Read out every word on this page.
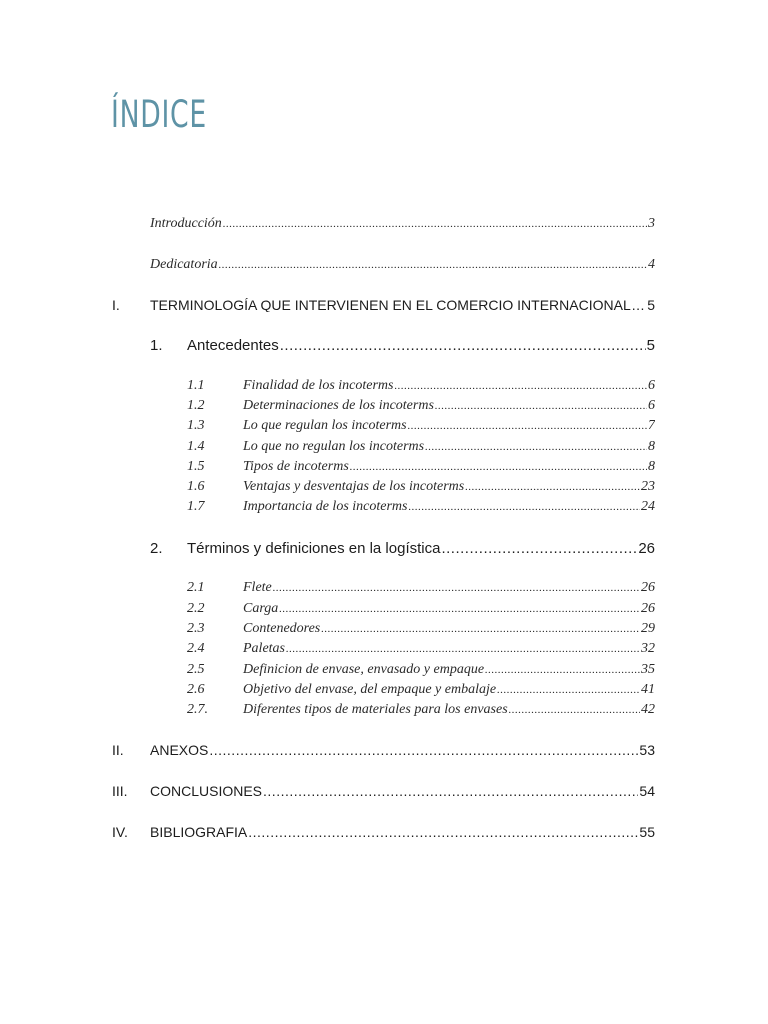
ÍNDICE
Introducción .....	3
Dedicatoria .....	4
I.	TERMINOLOGÍA QUE INTERVIENEN EN EL COMERCIO INTERNACIONAL ..... 5
1.	Antecedentes .....	5
1.1	Finalidad de los incoterms .....	6
1.2	Determinaciones de los incoterms .....	6
1.3	Lo que regulan los incoterms .....	7
1.4	Lo que no regulan los incoterms .....	8
1.5	Tipos de incoterms .....	8
1.6	Ventajas y desventajas de los incoterms .....	23
1.7	Importancia de los incoterms .....	24
2.	Términos y definiciones en la logística .....	26
2.1	Flete .....	26
2.2	Carga .....	26
2.3	Contenedores .....	29
2.4	Paletas .....	32
2.5	Definicion de envase, envasado y empaque .....	35
2.6	Objetivo del envase, del empaque y embalaje .....	41
2.7.	Diferentes tipos de materiales para los envases .....	42
II.	ANEXOS .....	53
III.	CONCLUSIONES .....	54
IV.	BIBLIOGRAFIA .....	55
